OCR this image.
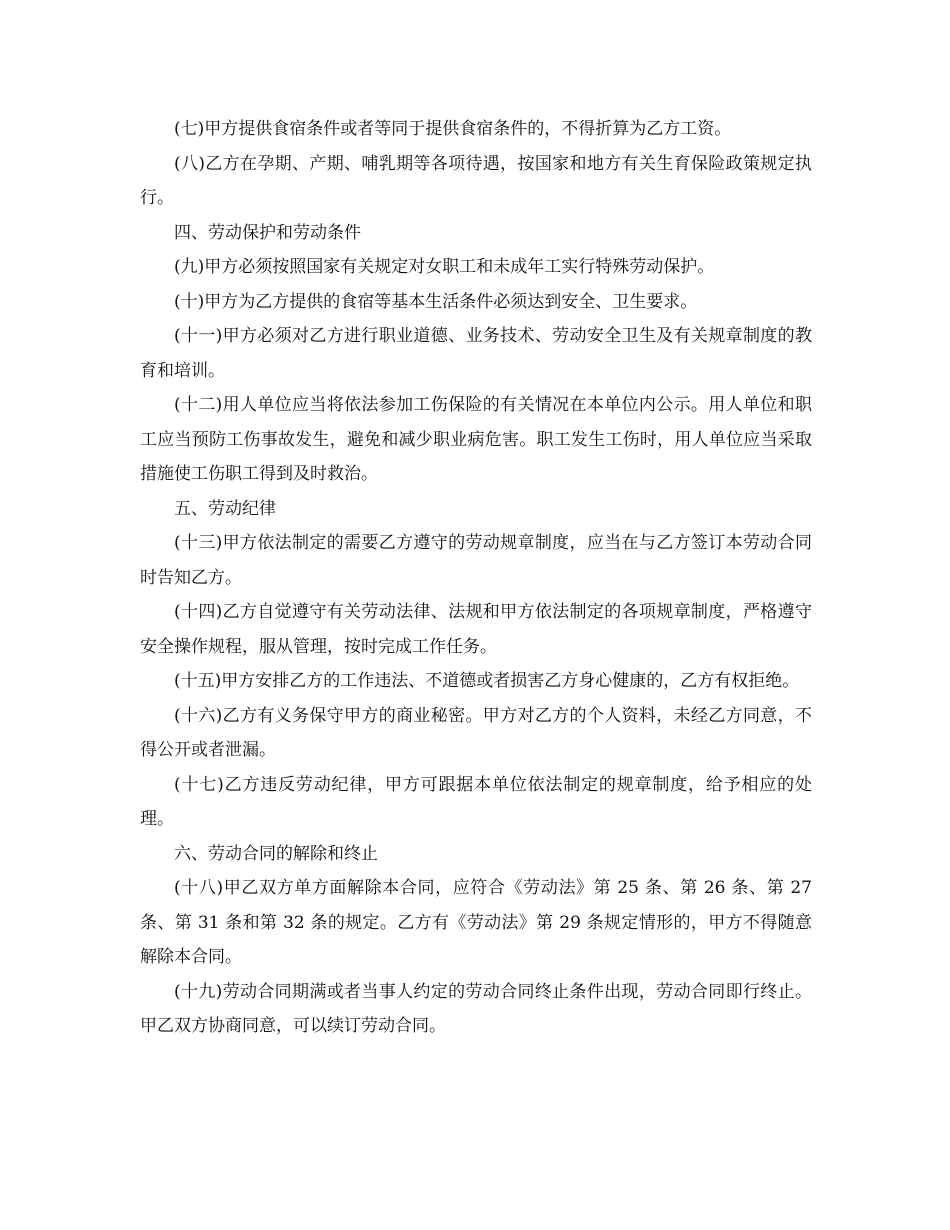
(七)甲方提供食宿条件或者等同于提供食宿条件的，不得折算为乙方工资。

(八)乙方在孕期、产期、哺乳期等各项待遇，按国家和地方有关生育保险政策规定执行。

四、劳动保护和劳动条件

(九)甲方必须按照国家有关规定对女职工和未成年工实行特殊劳动保护。

(十)甲方为乙方提供的食宿等基本生活条件必须达到安全、卫生要求。

(十一)甲方必须对乙方进行职业道德、业务技术、劳动安全卫生及有关规章制度的教育和培训。

(十二)用人单位应当将依法参加工伤保险的有关情况在本单位内公示。用人单位和职工应当预防工伤事故发生，避免和减少职业病危害。职工发生工伤时，用人单位应当采取措施使工伤职工得到及时救治。

五、劳动纪律

(十三)甲方依法制定的需要乙方遵守的劳动规章制度，应当在与乙方签订本劳动合同时告知乙方。

(十四)乙方自觉遵守有关劳动法律、法规和甲方依法制定的各项规章制度，严格遵守安全操作规程，服从管理，按时完成工作任务。

(十五)甲方安排乙方的工作违法、不道德或者损害乙方身心健康的，乙方有权拒绝。

(十六)乙方有义务保守甲方的商业秘密。甲方对乙方的个人资料，未经乙方同意，不得公开或者泄漏。

(十七)乙方违反劳动纪律，甲方可跟据本单位依法制定的规章制度，给予相应的处理。

六、劳动合同的解除和终止

(十八)甲乙双方单方面解除本合同，应符合《劳动法》第 25 条、第 26 条、第 27 条、第 31 条和第 32 条的规定。乙方有《劳动法》第 29 条规定情形的，甲方不得随意解除本合同。

(十九)劳动合同期满或者当事人约定的劳动合同终止条件出现，劳动合同即行终止。甲乙双方协商同意，可以续订劳动合同。
